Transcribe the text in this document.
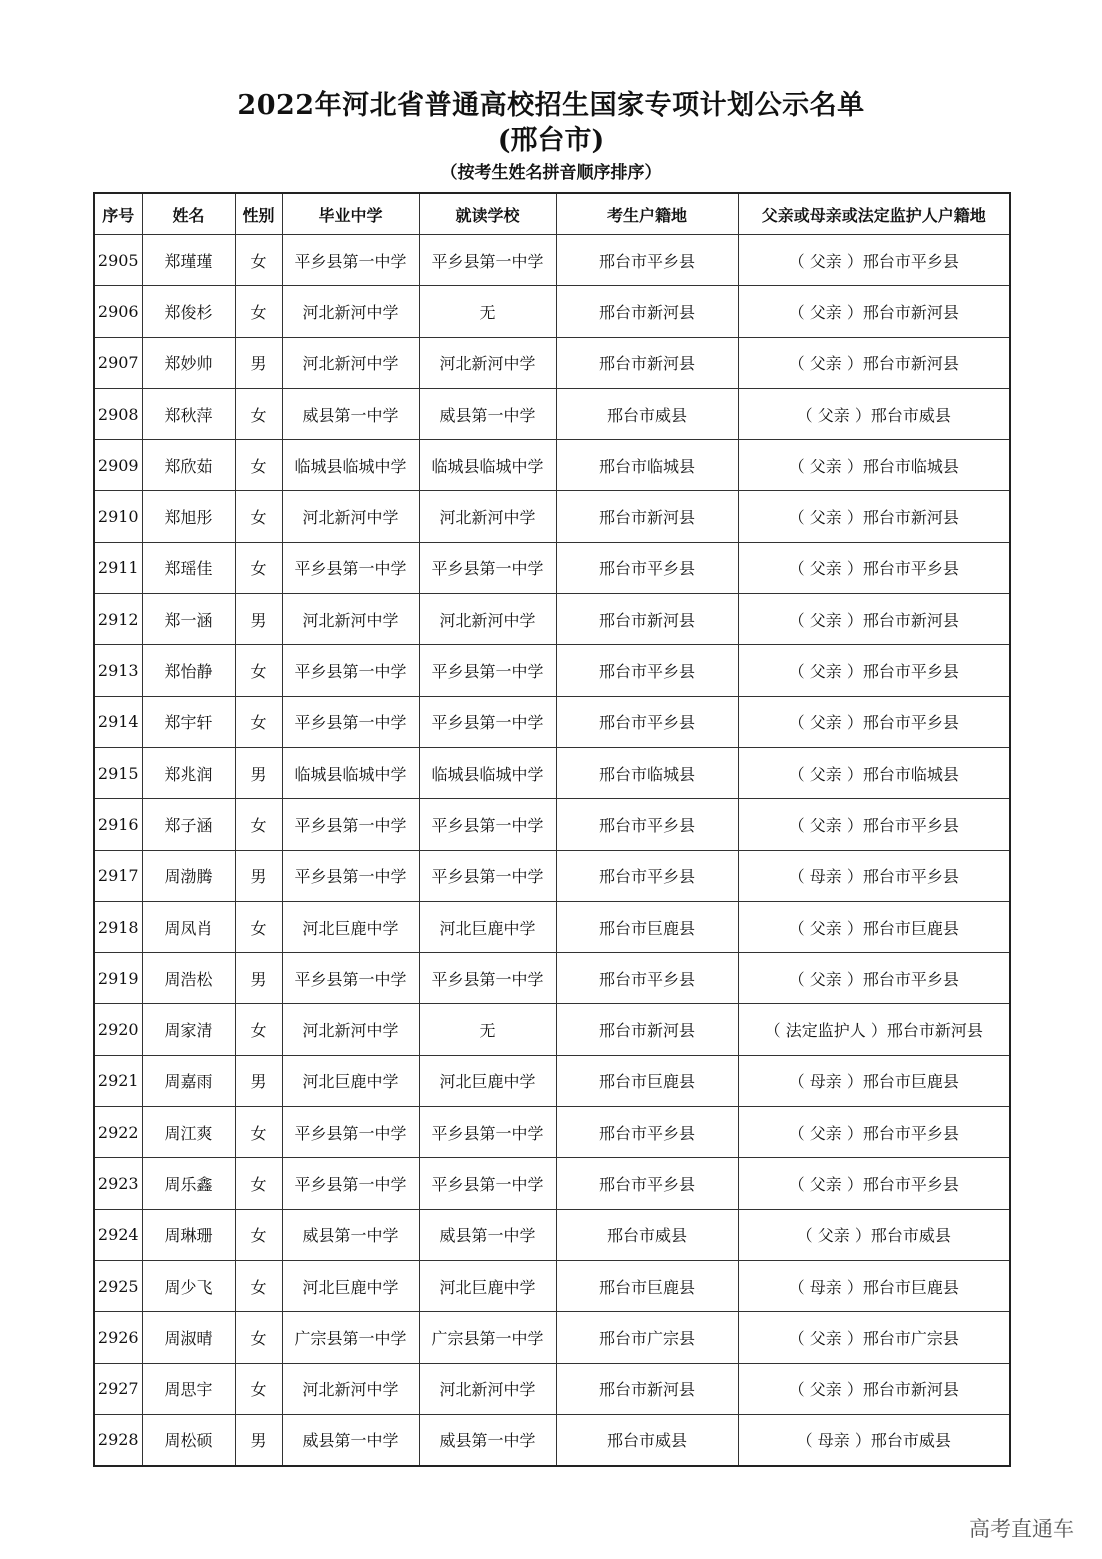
2022年河北省普通高校招生国家专项计划公示名单
(邢台市)
（按考生姓名拼音顺序排序）
序号	姓名	性别	毕业中学	就读学校	考生户籍地	父亲或母亲或法定监护人户籍地
2905	郑瑾瑾	女	平乡县第一中学	平乡县第一中学	邢台市平乡县	（ 父亲 ）邢台市平乡县
2906	郑俊杉	女	河北新河中学	无	邢台市新河县	（ 父亲 ）邢台市新河县
2907	郑妙帅	男	河北新河中学	河北新河中学	邢台市新河县	（ 父亲 ）邢台市新河县
2908	郑秋萍	女	威县第一中学	威县第一中学	邢台市威县	（ 父亲 ）邢台市威县
2909	郑欣茹	女	临城县临城中学	临城县临城中学	邢台市临城县	（ 父亲 ）邢台市临城县
2910	郑旭彤	女	河北新河中学	河北新河中学	邢台市新河县	（ 父亲 ）邢台市新河县
2911	郑瑶佳	女	平乡县第一中学	平乡县第一中学	邢台市平乡县	（ 父亲 ）邢台市平乡县
2912	郑一涵	男	河北新河中学	河北新河中学	邢台市新河县	（ 父亲 ）邢台市新河县
2913	郑怡静	女	平乡县第一中学	平乡县第一中学	邢台市平乡县	（ 父亲 ）邢台市平乡县
2914	郑宇轩	女	平乡县第一中学	平乡县第一中学	邢台市平乡县	（ 父亲 ）邢台市平乡县
2915	郑兆润	男	临城县临城中学	临城县临城中学	邢台市临城县	（ 父亲 ）邢台市临城县
2916	郑子涵	女	平乡县第一中学	平乡县第一中学	邢台市平乡县	（ 父亲 ）邢台市平乡县
2917	周渤腾	男	平乡县第一中学	平乡县第一中学	邢台市平乡县	（ 母亲 ）邢台市平乡县
2918	周凤肖	女	河北巨鹿中学	河北巨鹿中学	邢台市巨鹿县	（ 父亲 ）邢台市巨鹿县
2919	周浩松	男	平乡县第一中学	平乡县第一中学	邢台市平乡县	（ 父亲 ）邢台市平乡县
2920	周家清	女	河北新河中学	无	邢台市新河县	（ 法定监护人 ）邢台市新河县
2921	周嘉雨	男	河北巨鹿中学	河北巨鹿中学	邢台市巨鹿县	（ 母亲 ）邢台市巨鹿县
2922	周江爽	女	平乡县第一中学	平乡县第一中学	邢台市平乡县	（ 父亲 ）邢台市平乡县
2923	周乐鑫	女	平乡县第一中学	平乡县第一中学	邢台市平乡县	（ 父亲 ）邢台市平乡县
2924	周琳珊	女	威县第一中学	威县第一中学	邢台市威县	（ 父亲 ）邢台市威县
2925	周少飞	女	河北巨鹿中学	河北巨鹿中学	邢台市巨鹿县	（ 母亲 ）邢台市巨鹿县
2926	周淑晴	女	广宗县第一中学	广宗县第一中学	邢台市广宗县	（ 父亲 ）邢台市广宗县
2927	周思宇	女	河北新河中学	河北新河中学	邢台市新河县	（ 父亲 ）邢台市新河县
2928	周松硕	男	威县第一中学	威县第一中学	邢台市威县	（ 母亲 ）邢台市威县
高考直通车
